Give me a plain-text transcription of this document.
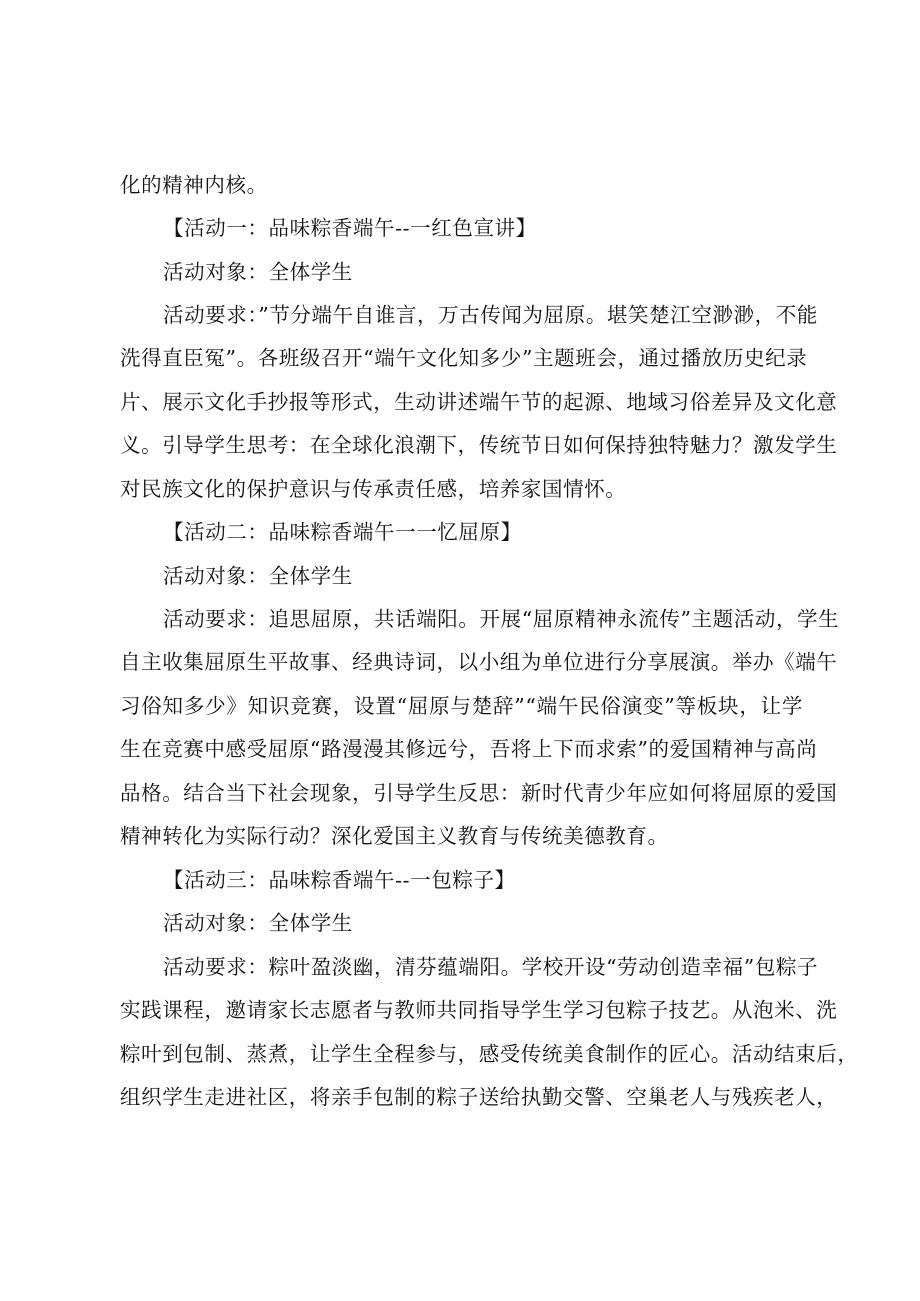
化的精神内核。
【活动一：品味粽香端午--一红色宣讲】
活动对象：全体学生
活动要求：”节分端午自谁言，万古传闻为屈原。堪笑楚江空渺渺，不能
洗得直臣冤”。各班级召开“端午文化知多少”主题班会，通过播放历史纪录
片、展示文化手抄报等形式，生动讲述端午节的起源、地域习俗差异及文化意
义。引导学生思考：在全球化浪潮下，传统节日如何保持独特魅力？激发学生
对民族文化的保护意识与传承责任感，培养家国情怀。
【活动二：品味粽香端午一一忆屈原】
活动对象：全体学生
活动要求：追思屈原，共话端阳。开展“屈原精神永流传”主题活动，学生
自主收集屈原生平故事、经典诗词，以小组为单位进行分享展演。举办《端午
习俗知多少》知识竞赛，设置“屈原与楚辞”“端午民俗演变”等板块，让学
生在竞赛中感受屈原“路漫漫其修远兮，吾将上下而求索”的爱国精神与高尚
品格。结合当下社会现象，引导学生反思：新时代青少年应如何将屈原的爱国
精神转化为实际行动？深化爱国主义教育与传统美德教育。
【活动三：品味粽香端午--一包粽子】
活动对象：全体学生
活动要求：粽叶盈淡幽，清芬蕴端阳。学校开设“劳动创造幸福”包粽子
实践课程，邀请家长志愿者与教师共同指导学生学习包粽子技艺。从泡米、洗
粽叶到包制、蒸煮，让学生全程参与，感受传统美食制作的匠心。活动结束后，
组织学生走进社区，将亲手包制的粽子送给执勤交警、空巢老人与残疾老人，
